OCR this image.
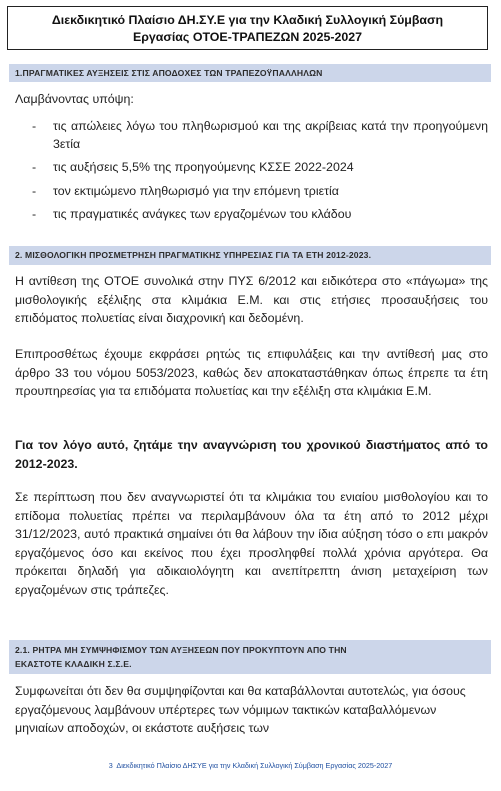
Διεκδικητικό Πλαίσιο ΔΗ.ΣΥ.Ε για την Κλαδική Συλλογική Σύμβαση
Εργασίας ΟΤΟΕ-ΤΡΑΠΕΖΩΝ 2025-2027
1.ΠΡΑΓΜΑΤΙΚΕΣ ΑΥΞΗΣΕΙΣ ΣΤΙΣ ΑΠΟΔΟΧΕΣ ΤΩΝ ΤΡΑΠΕΖΟΫΠΑΛΛΗΛΩΝ
Λαμβάνοντας υπόψη:
- τις απώλειες λόγω του πληθωρισμού και της ακρίβειας κατά την προηγούμενη 3ετία
- τις αυξήσεις 5,5% της προηγούμενης ΚΣΣΕ 2022-2024
- τον εκτιμώμενο πληθωρισμό για την επόμενη τριετία
- τις πραγματικές ανάγκες των εργαζομένων του κλάδου
2. ΜΙΣΘΟΛΟΓΙΚΗ ΠΡΟΣΜΕΤΡΗΣΗ ΠΡΑΓΜΑΤΙΚΗΣ ΥΠΗΡΕΣΙΑΣ ΓΙΑ ΤΑ ΕΤΗ 2012-2023.

Η αντίθεση της ΟΤΟΕ συνολικά στην ΠΥΣ 6/2012 και ειδικότερα στο «πάγωμα» της μισθολογικής εξέλιξης στα κλιμάκια Ε.Μ. και στις ετήσιες προσαυξήσεις του επιδόματος πολυετίας είναι διαχρονική και δεδομένη.

Επιπροσθέτως έχουμε εκφράσει ρητώς τις επιφυλάξεις και την αντίθεσή μας στο άρθρο 33 του νόμου 5053/2023, καθώς δεν αποκαταστάθηκαν όπως έπρεπε τα έτη προυπηρεσίας για τα επιδόματα πολυετίας και την εξέλιξη στα κλιμάκια Ε.Μ.

Για τον λόγο αυτό, ζητάμε την αναγνώριση του χρονικού διαστήματος από το 2012-2023.

Σε περίπτωση που δεν αναγνωριστεί ότι τα κλιμάκια του ενιαίου μισθολογίου και το επίδομα πολυετίας πρέπει να περιλαμβάνουν όλα τα έτη από το 2012 μέχρι 31/12/2023, αυτό πρακτικά σημαίνει ότι θα λάβουν την ίδια αύξηση τόσο ο επι μακρόν εργαζόμενος όσο και εκείνος που έχει προσληφθεί πολλά χρόνια αργότερα. Θα πρόκειται δηλαδή για αδικαιολόγητη και ανεπίτρεπτη άνιση μεταχείριση των εργαζομένων στις τράπεζες.

2.1. ΡΗΤΡΑ ΜΗ ΣΥΜΨΗΦΙΣΜΟΥ ΤΩΝ ΑΥΞΗΣΕΩΝ ΠΟΥ ΠΡΟΚΥΠΤΟΥΝ ΑΠΟ ΤΗΝ
ΕΚΑΣΤΟΤΕ ΚΛΑΔΙΚΗ Σ.Σ.Ε.

Συμφωνείται ότι δεν θα συμψηφίζονται και θα καταβάλλονται αυτοτελώς, για όσους εργαζόμενους λαμβάνουν υπέρτερες των νόμιμων τακτικών καταβαλλόμενων μηνιαίων αποδοχών, οι εκάστοτε αυξήσεις των

3 Διεκδικητικό Πλαίσιο ΔΗΣΥΕ για την Κλαδική Συλλογική Σύμβαση Εργασίας 2025-2027
